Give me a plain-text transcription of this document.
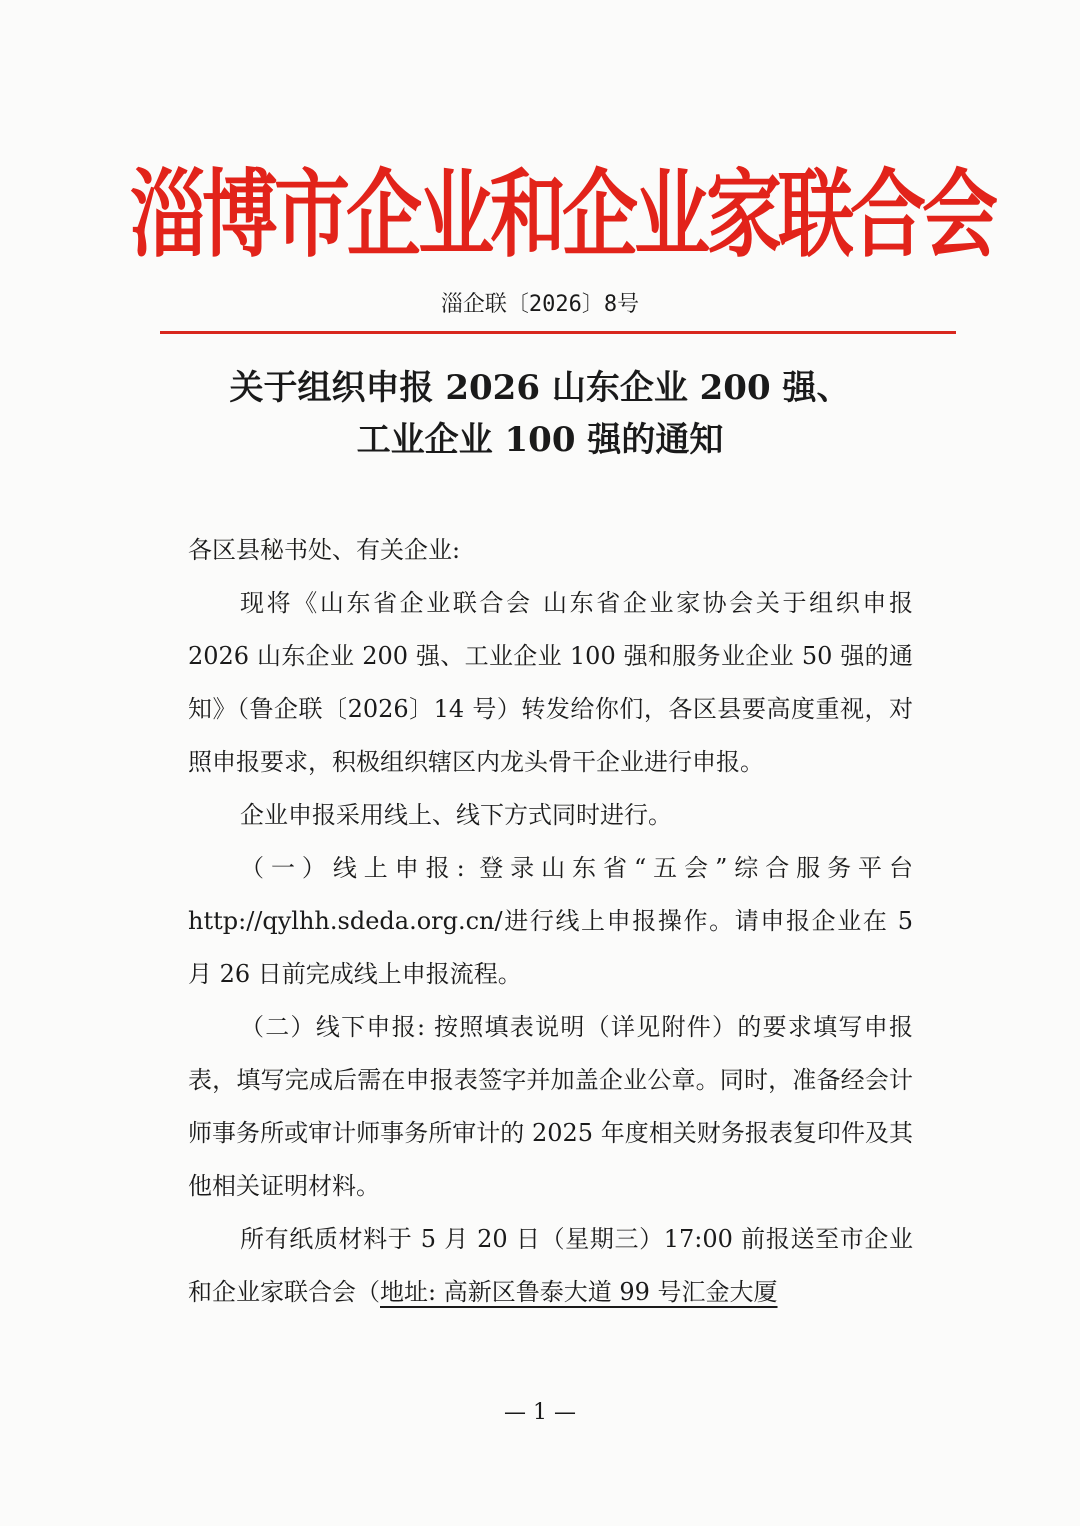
淄博市企业和企业家联合会
淄企联〔2026〕8号
关于组织申报 2026 山东企业 200 强、
工业企业 100 强的通知

各区县秘书处、有关企业:

现将《山东省企业联合会 山东省企业家协会关于组织申报 2026 山东企业 200 强、工业企业 100 强和服务业企业 50 强的通知》（鲁企联〔2026〕14 号）转发给你们，各区县要高度重视，对照申报要求，积极组织辖区内龙头骨干企业进行申报。

企业申报采用线上、线下方式同时进行。

（一）线上申报: 登录山东省“五会”综合服务平台 http://qylhh.sdeda.org.cn/进行线上申报操作。请申报企业在 5 月 26 日前完成线上申报流程。

（二）线下申报: 按照填表说明（详见附件）的要求填写申报表，填写完成后需在申报表签字并加盖企业公章。同时，准备经会计师事务所或审计师事务所审计的 2025 年度相关财务报表复印件及其他相关证明材料。

所有纸质材料于 5 月 20 日（星期三）17:00 前报送至市企业和企业家联合会（地址: 高新区鲁泰大道 99 号汇金大厦

— 1 —
